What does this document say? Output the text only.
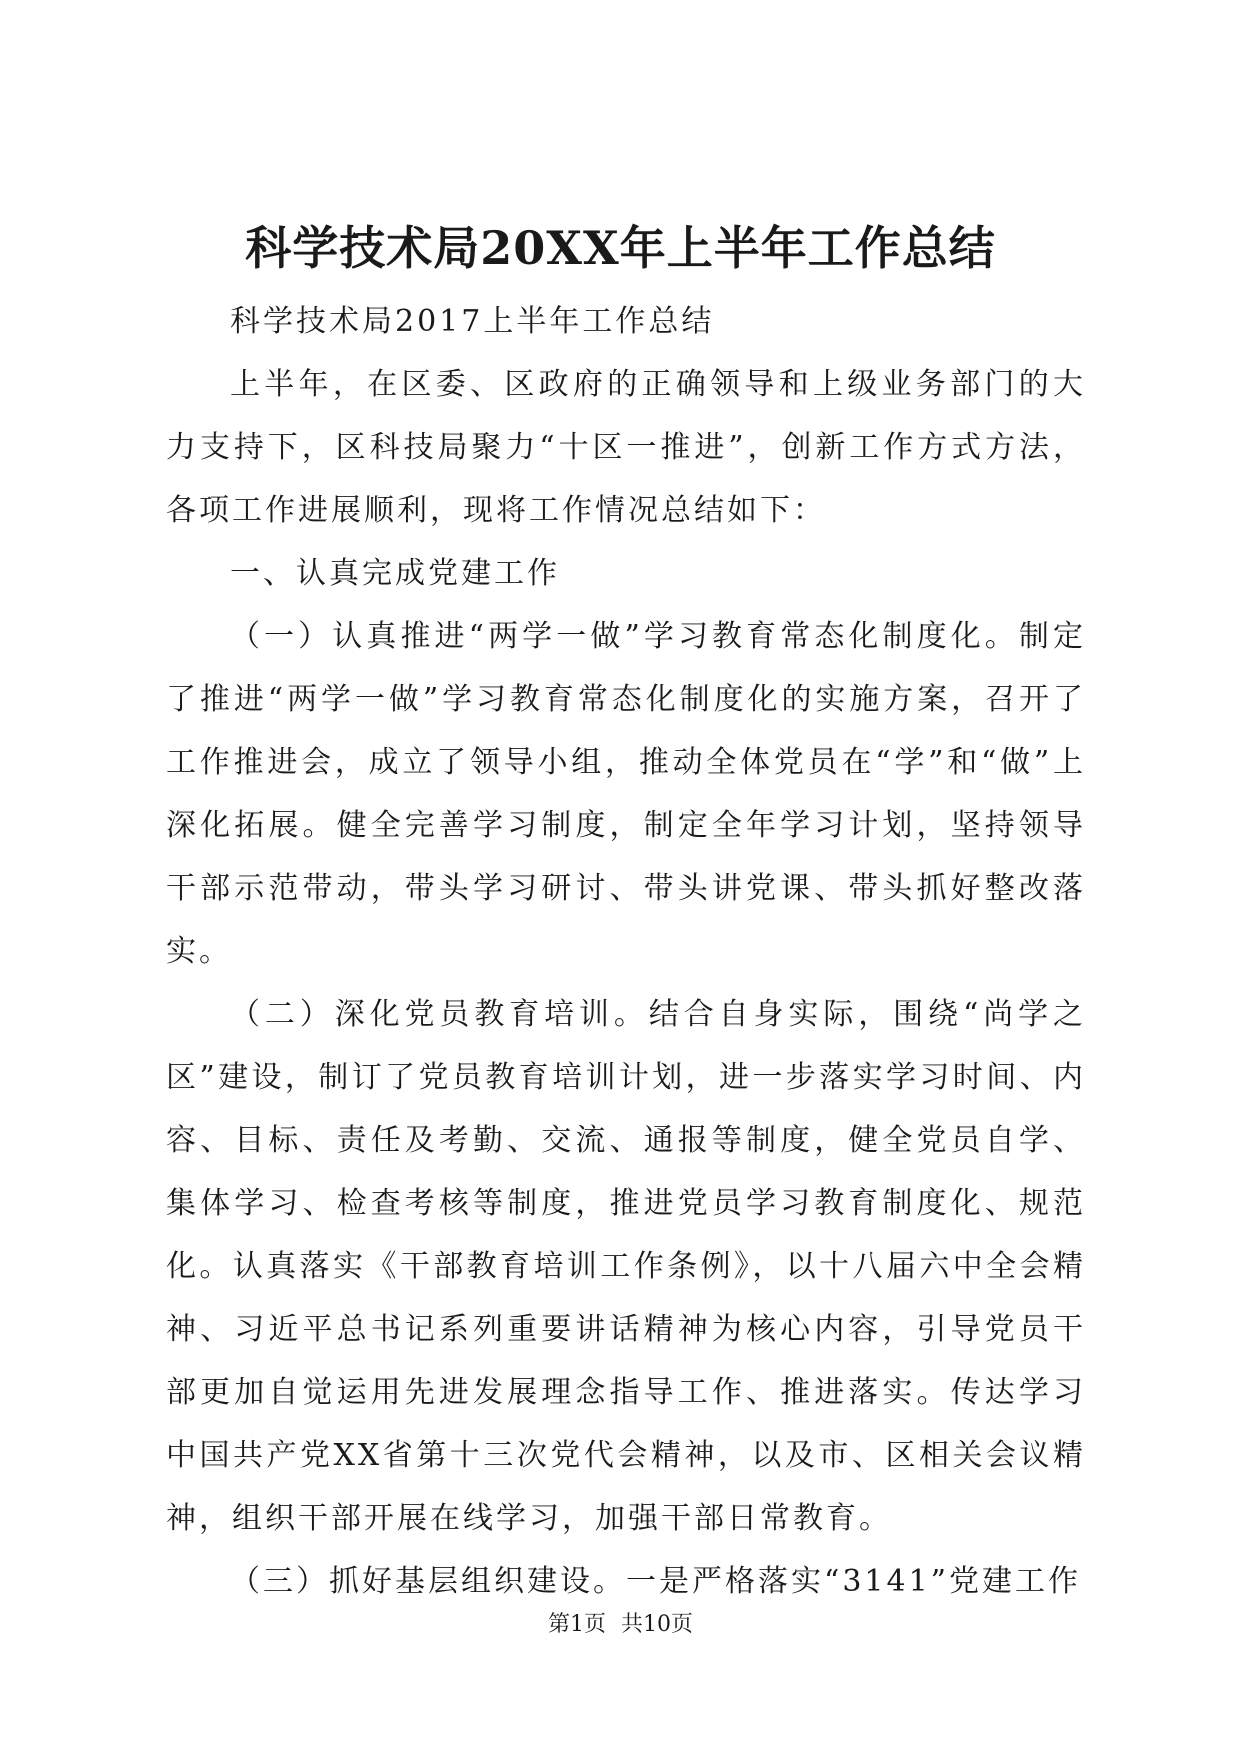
科学技术局20XX年上半年工作总结

科学技术局2017上半年工作总结

上半年，在区委、区政府的正确领导和上级业务部门的大力支持下，区科技局聚力“十区一推进”，创新工作方式方法，各项工作进展顺利，现将工作情况总结如下：

一、认真完成党建工作

（一）认真推进“两学一做”学习教育常态化制度化。制定了推进“两学一做”学习教育常态化制度化的实施方案，召开了工作推进会，成立了领导小组，推动全体党员在“学”和“做”上深化拓展。健全完善学习制度，制定全年学习计划，坚持领导干部示范带动，带头学习研讨、带头讲党课、带头抓好整改落实。

（二）深化党员教育培训。结合自身实际，围绕“尚学之区”建设，制订了党员教育培训计划，进一步落实学习时间、内容、目标、责任及考勤、交流、通报等制度，健全党员自学、集体学习、检查考核等制度，推进党员学习教育制度化、规范化。认真落实《干部教育培训工作条例》，以十八届六中全会精神、习近平总书记系列重要讲话精神为核心内容，引导党员干部更加自觉运用先进发展理念指导工作、推进落实。传达学习中国共产党XX省第十三次党代会精神，以及市、区相关会议精神，组织干部开展在线学习，加强干部日常教育。

（三）抓好基层组织建设。一是严格落实“3141”党建工作

第1页 共10页
